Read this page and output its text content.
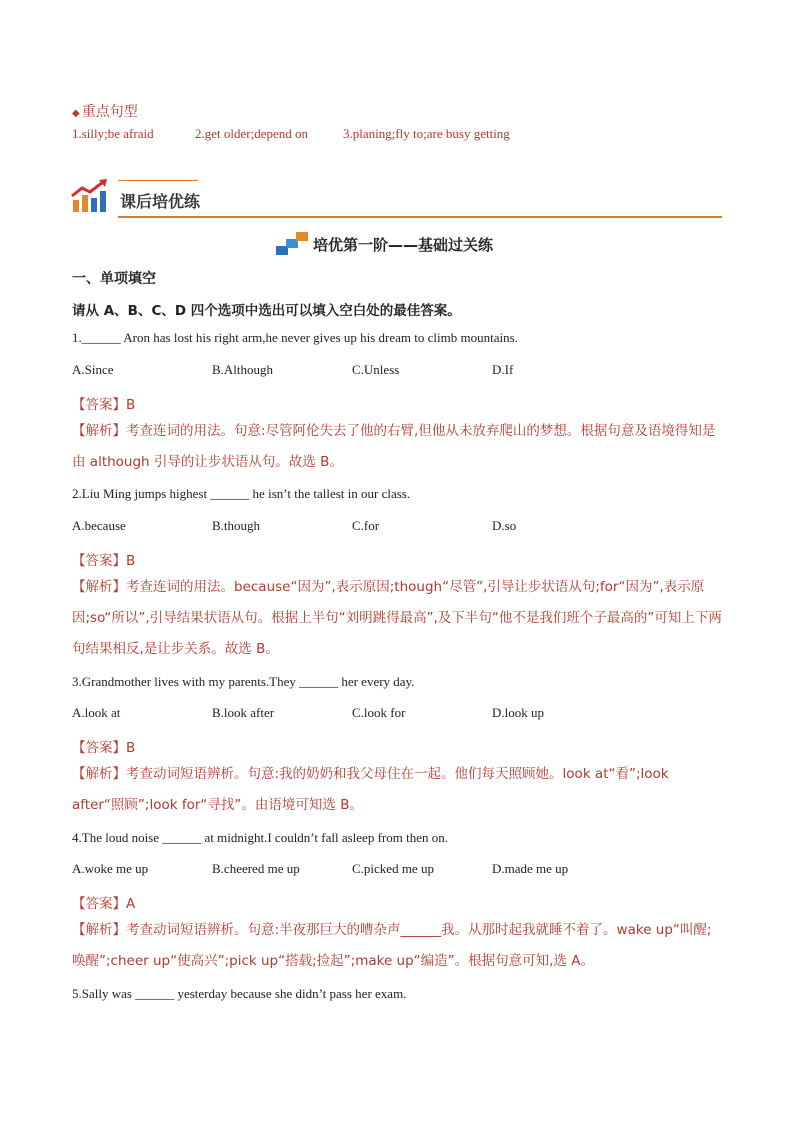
◆ 重点句型
1.silly;be afraid	2.get older;depend on	3.planing;fly to;are busy getting
课后培优练
培优第一阶——基础过关练
一、单项填空
请从 A、B、C、D 四个选项中选出可以填入空白处的最佳答案。
1.______ Aron has lost his right arm,he never gives up his dream to climb mountains.
A.Since	B.Although	C.Unless	D.If
【答案】B
【解析】考查连词的用法。句意:尽管阿伦失去了他的右臂,但他从未放弃爬山的梦想。根据句意及语境得知是由 although 引导的让步状语从句。故选 B。
2.Liu Ming jumps highest ______ he isn’t the tallest in our class.
A.because	B.though	C.for	D.so
【答案】B
【解析】考查连词的用法。because“因为”,表示原因;though“尽管”,引导让步状语从句;for“因为”,表示原因;so“所以”,引导结果状语从句。根据上半句“刘明跳得最高”,及下半句“他不是我们班个子最高的”可知上下两句结果相反,是让步关系。故选 B。
3.Grandmother lives with my parents.They ______ her every day.
A.look at	B.look after	C.look for	D.look up
【答案】B
【解析】考查动词短语辨析。句意:我的奶奶和我父母住在一起。他们每天照顾她。look at“看”;look after“照顾”;look for“寻找”。由语境可知选 B。
4.The loud noise ______ at midnight.I couldn’t fall asleep from then on.
A.woke me up	B.cheered me up	C.picked me up	D.made me up
【答案】A
【解析】考查动词短语辨析。句意:半夜那巨大的嘈杂声______我。从那时起我就睡不着了。wake up“叫醒;唤醒”;cheer up“使高兴”;pick up“搭载;捡起”;make up“编造”。根据句意可知,选 A。
5.Sally was ______ yesterday because she didn’t pass her exam.
